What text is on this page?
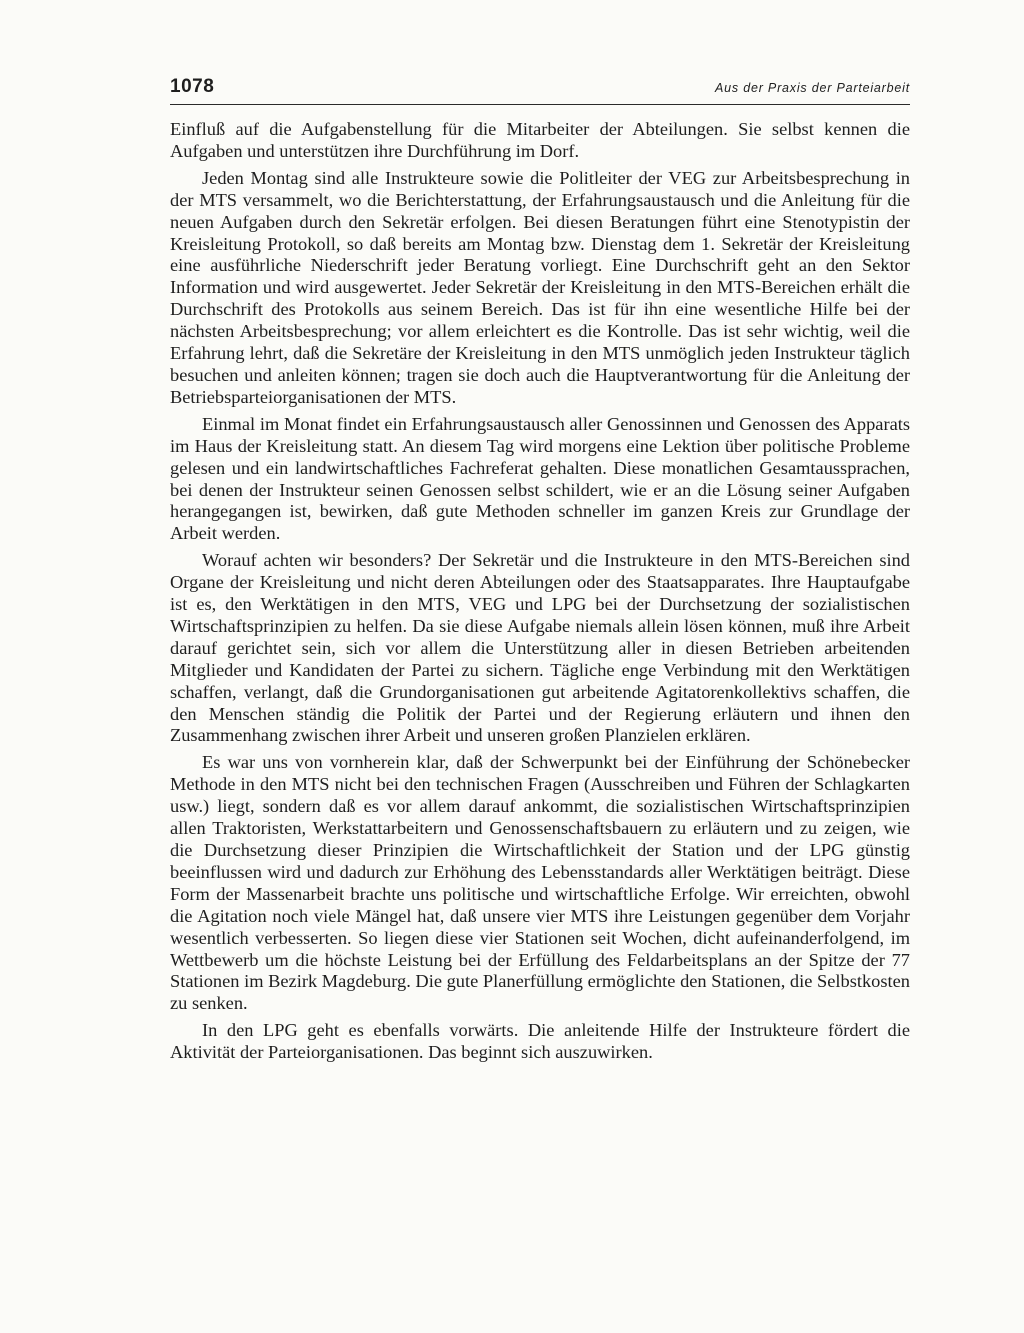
1078	Aus der Praxis der Parteiarbeit

Einfluß auf die Aufgabenstellung für die Mitarbeiter der Abteilungen. Sie selbst kennen die Aufgaben und unterstützen ihre Durchführung im Dorf.

Jeden Montag sind alle Instrukteure sowie die Politleiter der VEG zur Arbeitsbesprechung in der MTS versammelt, wo die Berichterstattung, der Erfahrungsaustausch und die Anleitung für die neuen Aufgaben durch den Sekretär erfolgen. Bei diesen Beratungen führt eine Stenotypistin der Kreisleitung Protokoll, so daß bereits am Montag bzw. Dienstag dem 1. Sekretär der Kreisleitung eine ausführliche Niederschrift jeder Beratung vorliegt. Eine Durchschrift geht an den Sektor Information und wird ausgewertet. Jeder Sekretär der Kreisleitung in den MTS-Bereichen erhält die Durchschrift des Protokolls aus seinem Bereich. Das ist für ihn eine wesentliche Hilfe bei der nächsten Arbeitsbesprechung; vor allem erleichtert es die Kontrolle. Das ist sehr wichtig, weil die Erfahrung lehrt, daß die Sekretäre der Kreisleitung in den MTS unmöglich jeden Instrukteur täglich besuchen und anleiten können; tragen sie doch auch die Hauptverantwortung für die Anleitung der Betriebsparteiorganisationen der MTS.

Einmal im Monat findet ein Erfahrungsaustausch aller Genossinnen und Genossen des Apparats im Haus der Kreisleitung statt. An diesem Tag wird morgens eine Lektion über politische Probleme gelesen und ein landwirtschaftliches Fachreferat gehalten. Diese monatlichen Gesamtaussprachen, bei denen der Instrukteur seinen Genossen selbst schildert, wie er an die Lösung seiner Aufgaben herangegangen ist, bewirken, daß gute Methoden schneller im ganzen Kreis zur Grundlage der Arbeit werden.

Worauf achten wir besonders? Der Sekretär und die Instrukteure in den MTS-Bereichen sind Organe der Kreisleitung und nicht deren Abteilungen oder des Staatsapparates. Ihre Hauptaufgabe ist es, den Werktätigen in den MTS, VEG und LPG bei der Durchsetzung der sozialistischen Wirtschaftsprinzipien zu helfen. Da sie diese Aufgabe niemals allein lösen können, muß ihre Arbeit darauf gerichtet sein, sich vor allem die Unterstützung aller in diesen Betrieben arbeitenden Mitglieder und Kandidaten der Partei zu sichern. Tägliche enge Verbindung mit den Werktätigen schaffen, verlangt, daß die Grundorganisationen gut arbeitende Agitatorenkollektivs schaffen, die den Menschen ständig die Politik der Partei und der Regierung erläutern und ihnen den Zusammenhang zwischen ihrer Arbeit und unseren großen Planzielen erklären.

Es war uns von vornherein klar, daß der Schwerpunkt bei der Einführung der Schönebecker Methode in den MTS nicht bei den technischen Fragen (Ausschreiben und Führen der Schlagkarten usw.) liegt, sondern daß es vor allem darauf ankommt, die sozialistischen Wirtschaftsprinzipien allen Traktoristen, Werkstattarbeitern und Genossenschaftsbauern zu erläutern und zu zeigen, wie die Durchsetzung dieser Prinzipien die Wirtschaftlichkeit der Station und der LPG günstig beeinflussen wird und dadurch zur Erhöhung des Lebensstandards aller Werktätigen beiträgt. Diese Form der Massenarbeit brachte uns politische und wirtschaftliche Erfolge. Wir erreichten, obwohl die Agitation noch viele Mängel hat, daß unsere vier MTS ihre Leistungen gegenüber dem Vorjahr wesentlich verbesserten. So liegen diese vier Stationen seit Wochen, dicht aufeinanderfolgend, im Wettbewerb um die höchste Leistung bei der Erfüllung des Feldarbeitsplans an der Spitze der 77 Stationen im Bezirk Magdeburg. Die gute Planerfüllung ermöglichte den Stationen, die Selbstkosten zu senken.

In den LPG geht es ebenfalls vorwärts. Die anleitende Hilfe der Instrukteure fördert die Aktivität der Parteiorganisationen. Das beginnt sich auszuwirken.
